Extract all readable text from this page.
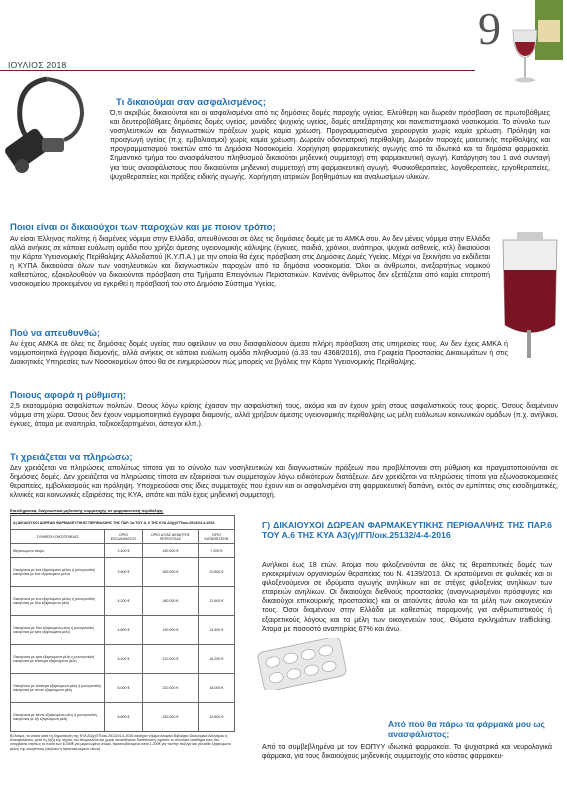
ΙΟΥΛΙΟΣ 2018
9
Τι δικαιούμαι σαν ασφαλισμένος;
Ό,τι ακριβώς δικαιούνται και οι ασφαλισμένοι από τις δημόσιες δομές παροχής υγείας. Ελεύθερη και δωρεάν πρόσβαση σε πρωτοβάθμιες και δευτεροβάθμιες δημόσιες δομές υγείας, μονάδες ψυχικής υγείας, δομές απεξάρτησης και πανεπιστημιακά νοσοκομεία. Το σύνολο των νοσηλευτικών και διαγνωστικών πράξεων χωρίς καμία χρέωση. Προγραμματισμένα χειρουργεία χωρίς καμία χρέωση. Πρόληψη και προαγωγή υγείας (π.χ. εμβολιασμοί) χωρίς καμία χρέωση. Δωρεάν οδοντιατρική περίθαλψη. Δωρεάν παροχές μαιευτικής περίθαλψης και προγραμματισμού τοκετών από τα Δημόσια Νοσοκομεία. Χορήγηση φαρμακευτικής αγωγής από τα ιδιωτικά και τα δημόσια φαρμακεία. Σημαντικό τμήμα του ανασφάλιστου πληθυσμού δικαιούται μηδενική συμμετοχή στη φαρμακευτική αγωγή. Κατάργηση του 1 ανά συνταγή για τους ανασφάλιστους που δικαιούνται μηδενική συμμετοχή στη φαρμακευτική αγωγή. Φυσικοθεραπείες, λογοθεραπείες, εργοθεραπείες, ψυχοθεραπείες και πράξεις ειδικής αγωγής. Χορήγηση ιατρικών βοηθημάτων και αναλωσίμων υλικών.
Ποιοι είναι οι δικαιούχοι των παροχών και με ποιον τρόπο;
Αν είσαι Έλληνας πολίτης ή διαμένεις νόμιμα στην Ελλάδα, απευθύνεσαι σε όλες τις δημόσιες δομές με το ΑΜΚΑ σου. Αν δεν μένεις νόμιμα στην Ελλάδα αλλά ανήκεις σε κάποια ευάλωτη ομάδα που χρήζει άμεσης υγειονομικής κάλυψης (έγκυες, παιδιά, χρόνιοι, ανάπηροι, ψυχικά ασθενείς, κτλ) δικαιούσαι την Κάρτα Υγειονομικής Περίθαλψης Αλλοδαπού (Κ.Υ.Π.Α.) με την οποία θα έχεις πρόσβαση στις Δημόσιες Δομές Υγείας. Μέχρι να ξεκινήσει να εκδίδεται η ΚΥΠΑ δικαιούσαι όλων των νοσηλευτικών και διαγνωστικών παροχών από τα δημόσια νοσοκομεία. Όλοι οι άνθρωποι, ανεξαρτήτως νομικού καθεστώτος, εξακολουθούν να δικαιούνται πρόσβαση στα Τμήματα Επειγόντων Περιστατικών. Κανένας άνθρωπος δεν εξετάζεται από καμία επιτροπή νοσοκομείου προκειμένου να εγκριθεί η πρόσβασή του στο Δημόσιο Σύστημα Υγείας.
Πού να απευθυνθώ;
Αν έχεις ΑΜΚΑ σε όλες τις δημόσιες δομές υγείας που οφείλουν να σου διασφαλίσουν άμεσα πλήρη πρόσβαση στις υπηρεσίες τους. Αν δεν έχεις ΑΜΚΑ ή νομιμοποιητικά έγγραφα διαμονής, αλλά ανήκεις σε κάποια ευάλωτη ομάδα πληθυσμού (ά.33 του 4368/2016), στα Γραφεία Προστασίας Δικαιωμάτων ή στις Διοικητικές Υπηρεσίες των Νοσοκομείων όπου θα σε ενημερώσουν πώς μπορείς να βγάλεις την Κάρτα Υγειονομικής Περίθαλψης.
Ποιους αφορά η ρύθμιση;
2,5 εκατομμύρια ασφαλίστων πολιτών. Όσους λόγω κρίσης έχασαν την ασφαλιστική τους, ακόμα και αν έχουν χρέη στους ασφαλιστικούς τους φορείς. Όσους διαμένουν νόμιμα στη χώρα. Όσους δεν έχουν νομιμοποιητικά έγγραφα διαμονής, αλλά χρήζουν άμεσης υγειονομικής περίθαλψης ως μέλη ευάλωτων κοινωνικών ομάδων (π.χ. ανήλικοι, έγκυες, άτομα με αναπηρία, τοξικοεξαρτημένοι, άστεγοι κλπ.).
Τι χρειάζεται να πληρώσω;
Δεν χρειάζεται να πληρώσεις απολύτως τίποτα για το σύνολο των νοσηλευτικών και διαγνωστικών πράξεων που προβλέπονται στη ρύθμιση και πραγματοποιούνται σε δημόσιες δομές. Δεν χρειάζεται να πληρώσεις τίποτα αν εξαιρείσαι των συμμετοχών λόγω ειδικότερων διατάξεων. Δεν χρειάζεται να πληρώσεις τίποτα για εξωνοσοκομειακές θεραπείες, εμβολιασμούς και πρόληψη. Υποχρεούσαι στις ίδιες συμμετοχές που έχουν και οι ασφαλισμένοι στη φαρμακευτική δαπάνη, εκτός αν εμπίπτεις στις εισοδηματικές, κλινικές και κοινωνικές εξαιρέσεις της ΚΥΑ, οπότε και πάλι έχεις μηδενική συμμετοχή.
Εισοδηματικά, διαγνωστικά μηδενικής συμμετοχής σε φαρμακευτική περίθαλψη:
Α) ΔΙΚΑΙΟΥΧΟΙ ΔΩΡΕΑΝ ΦΑΡΜΑΚΕΥΤΙΚΗΣ ΠΕΡΙΘΑΛΨΗΣ ΤΗΣ ΠΑΡ. 2α ΤΟΥ Α. 6 ΤΗΣ ΚΥΑ Α3(γ)/ΓΠ/οικ.25132/4-4-2016			
ΣΥΝΘΕΣΗ ΟΙΚΟΓΕΝΕΙΑΣ	ΟΡΙΟ ΕΙΣΟΔΗΜΑΤΟΣ	ΟΡΙΟ ΑΞΙΑΣ ΑΚΙΝΗΤΗΣ ΠΕΡΙΟΥΣΙΑΣ	ΟΡΙΟ ΚΑΤΑΘΕΣΕΩΝ
Μεμονωμένο άτομο	2.400 €	150.000 €	7.200 €
Οικογένεια με ένα εξαρτώμενο μέλος ή μονογονεϊκή οικογένεια με ένα εξαρτώμενο μέλος	3.600 €	160.000 €	10.800 €
Οικογένεια με ένα εξαρτώμενο μέλος ή μονογονεϊκή οικογένεια με δύο εξαρτώμενα μέλη	4.200 €	180.000 €	12.600 €
Οικογένεια με δύο εξαρτώμενα μέλη ή μονογονεϊκή οικογένεια με τρία εξαρτώμενα μέλη	4.800 €	190.000 €	14.400 €
Οικογένεια με τρία εξαρτώμενα μέλη ή μονογονεϊκή οικογένεια με τέσσερα εξαρτώμενα μέλη	5.400 €	210.000 €	16.200 €
Οικογένεια με τέσσερα εξαρτώμενα μέλη ή μονογονεϊκή οικογένεια με πέντε εξαρτώμενα μέλη	6.000 €	220.000 €	18.000 €
Οικογένεια με πέντε εξαρτώμενα μέλη ή μονογονεϊκή οικογένεια με έξι εξαρτώμενα μέλη	6.600 €	240.000 €	19.800 €
Β) Άτομα, τα οποία κατά τη δημοσίευση της ΚΥΑ Α3(γ)/ΓΠ/οικ.25132/4-4-2016 κατείχαν νόμιμα Ατομικό Βιβλιάριο Οικονομικά Αδυνάμου ή Ανασφαλίστου, μετά τη λήξη της ισχύος του θεωρούνται και χωρίς οποιαδήποτε διαπίστωση, εφόσον το συνολικό εισόδημά τους δεν υπερβαίνει ετησίως το ποσό των 6.000€ για μεμονωμένο άτομο, προσαυξανόμενο κατά 1.200€ για τον/την σύζυγο και για κάθε εξαρτώμενο μέλος της οικογένειας (ανήλικο ή προστατευόμενο τέκνο).
Γ) ΔΙΚΑΙΟΥΧΟΙ ΔΩΡΕΑΝ ΦΑΡΜΑΚΕΥΤΙΚΗΣ ΠΕΡΙΘΑΛΨΗΣ ΤΗΣ ΠΑΡ.6 ΤΟΥ Α.6 ΤΗΣ ΚΥΑ Α3(γ)/ΓΠ/οικ.25132/4-4-2016
Ανήλικοι έως 18 ετών. Άτομα που φιλοξενούνται σε όλες τις θεραπευτικές δομές των εγκεκριμένων οργανισμών θεραπείας του Ν. 4139/2013. Οι κρατούμενοι σε φυλακές και οι φιλοξενούμενοι σε ιδρύματα αγωγής ανηλίκων και σε στέγες φιλοξενίας ανηλίκων των εταιρειών ανηλίκων. Οι δικαιούχοι διεθνούς προστασίας (αναγνωρισμένοι πρόσφυγες και δικαιούχοι επικουρικής προστασίας) και οι αιτούντες άσυλο και τα μέλη των οικογενειών τους. Όσοι διαμένουν στην Ελλάδα με καθεστώς παραμονής για ανθρωπιστικούς ή εξαιρετικούς λόγους και τα μέλη των οικογενειών τους. Θύματα εγκλημάτων trafficking. Άτομα με ποσοστό αναπηρίας 67% και άνω.
Από πού θα πάρω τα φάρμακά μου ως ανασφάλιστος;
Από τα συμβεβλημένα με τον ΕΟΠΥΥ ιδιωτικά φαρμακεία. Τα ψυχιατρικά και νευρολογικά φάρμακα, για τους δικαιούχους μηδενικής συμμετοχής στο κόστος φαρμακευ-
